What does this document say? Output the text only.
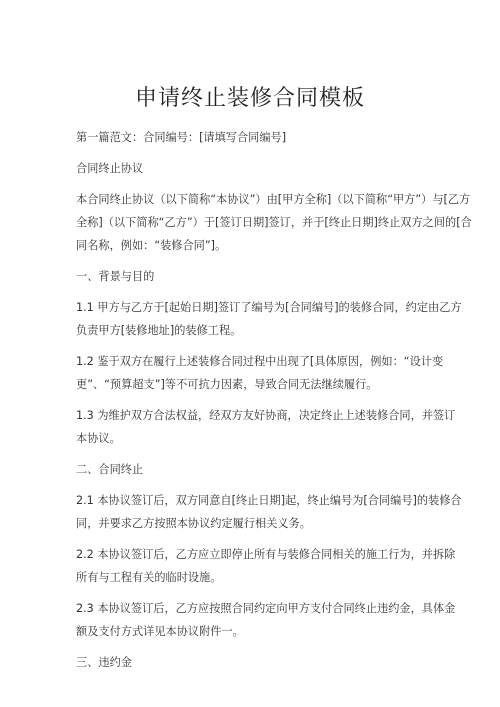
申请终止装修合同模板

第一篇范文：合同编号：[请填写合同编号]

合同终止协议

本合同终止协议（以下简称“本协议”）由[甲方全称]（以下简称“甲方”）与[乙方
全称]（以下简称“乙方”）于[签订日期]签订，并于[终止日期]终止双方之间的[合
同名称，例如：“装修合同”]。

一、背景与目的

1.1 甲方与乙方于[起始日期]签订了编号为[合同编号]的装修合同，约定由乙方
负责甲方[装修地址]的装修工程。

1.2 鉴于双方在履行上述装修合同过程中出现了[具体原因，例如：“设计变
更”、“预算超支”]等不可抗力因素，导致合同无法继续履行。

1.3 为维护双方合法权益，经双方友好协商，决定终止上述装修合同，并签订
本协议。

二、合同终止

2.1 本协议签订后，双方同意自[终止日期]起，终止编号为[合同编号]的装修合
同，并要求乙方按照本协议约定履行相关义务。

2.2 本协议签订后，乙方应立即停止所有与装修合同相关的施工行为，并拆除
所有与工程有关的临时设施。

2.3 本协议签订后，乙方应按照合同约定向甲方支付合同终止违约金，具体金
额及支付方式详见本协议附件一。

三、违约金
